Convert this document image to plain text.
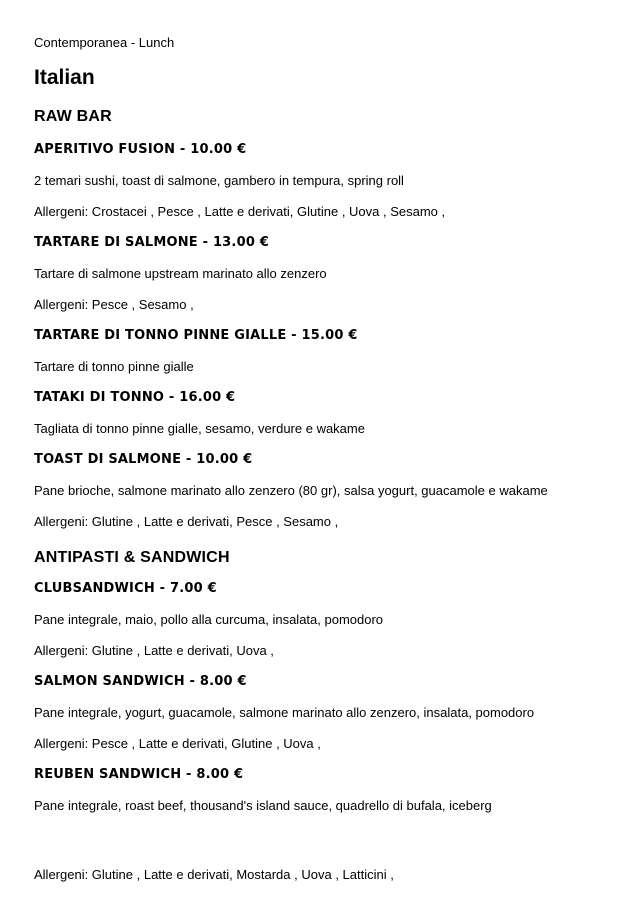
Contemporanea - Lunch
Italian
RAW BAR
APERITIVO FUSION - 10.00 €
2 temari sushi, toast di salmone, gambero in tempura, spring roll
Allergeni: Crostacei , Pesce , Latte e derivati, Glutine , Uova , Sesamo ,
TARTARE DI SALMONE - 13.00 €
Tartare di salmone upstream marinato allo zenzero
Allergeni: Pesce , Sesamo ,
TARTARE DI TONNO PINNE GIALLE - 15.00 €
Tartare di tonno pinne gialle
TATAKI DI TONNO - 16.00 €
Tagliata di tonno pinne gialle, sesamo, verdure e wakame
TOAST DI SALMONE - 10.00 €
Pane brioche, salmone marinato allo zenzero (80 gr), salsa yogurt, guacamole e wakame
Allergeni: Glutine , Latte e derivati, Pesce , Sesamo ,
ANTIPASTI & SANDWICH
CLUBSANDWICH - 7.00 €
Pane integrale, maio, pollo alla curcuma, insalata, pomodoro
Allergeni: Glutine , Latte e derivati, Uova ,
SALMON SANDWICH - 8.00 €
Pane integrale, yogurt, guacamole, salmone marinato allo zenzero, insalata, pomodoro
Allergeni: Pesce , Latte e derivati, Glutine , Uova ,
REUBEN SANDWICH - 8.00 €
Pane integrale, roast beef, thousand's island sauce, quadrello di bufala, iceberg
Allergeni: Glutine , Latte e derivati, Mostarda , Uova , Latticini ,
